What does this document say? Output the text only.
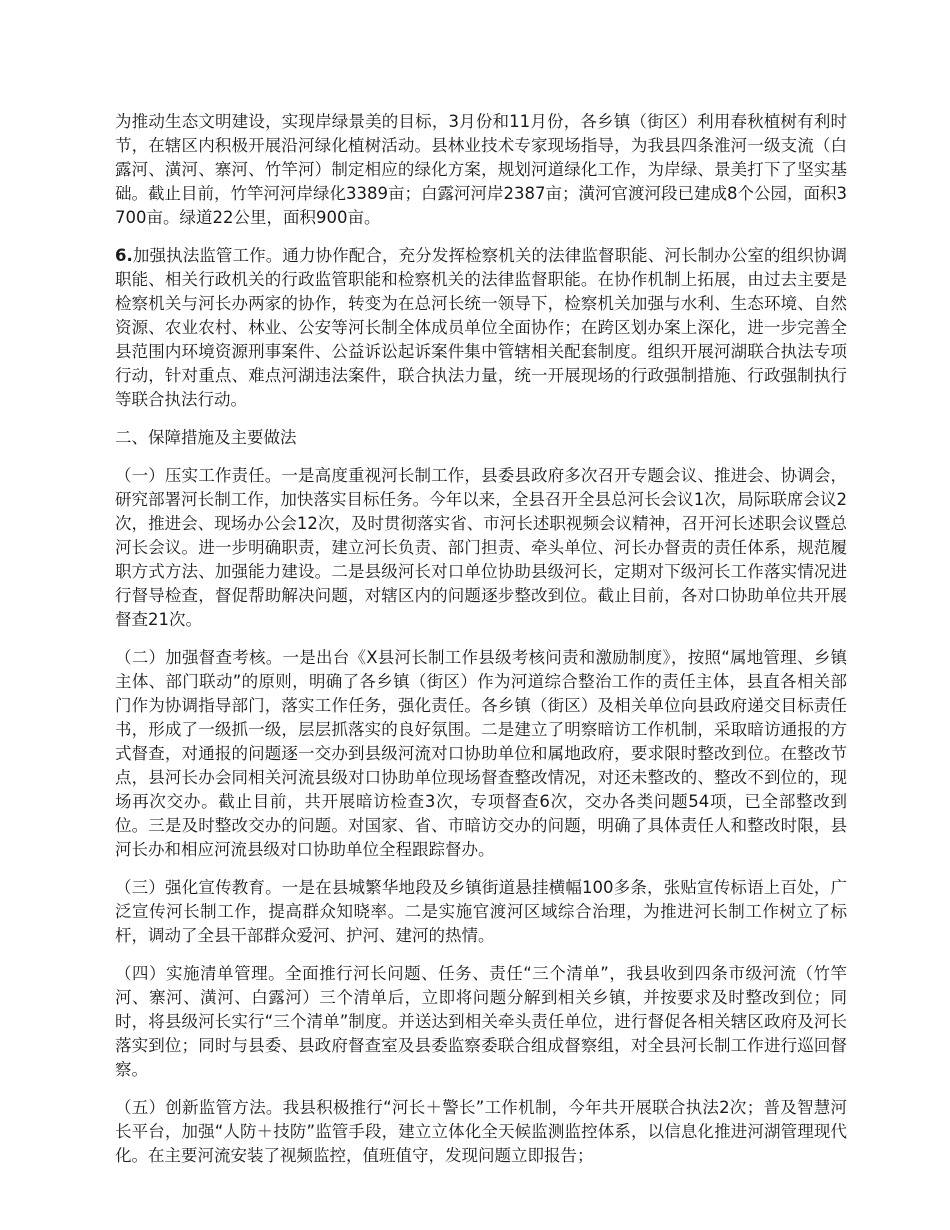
为推动生态文明建设，实现岸绿景美的目标，3月份和11月份，各乡镇（街区）利用春秋植树有利时节，在辖区内积极开展沿河绿化植树活动。县林业技术专家现场指导，为我县四条淮河一级支流（白露河、潢河、寨河、竹竿河）制定相应的绿化方案，规划河道绿化工作，为岸绿、景美打下了坚实基础。截止目前，竹竿河河岸绿化3389亩；白露河河岸2387亩；潢河官渡河段已建成8个公园，面积3700亩。绿道22公里，面积900亩。

6.加强执法监管工作。通力协作配合，充分发挥检察机关的法律监督职能、河长制办公室的组织协调职能、相关行政机关的行政监管职能和检察机关的法律监督职能。在协作机制上拓展，由过去主要是检察机关与河长办两家的协作，转变为在总河长统一领导下，检察机关加强与水利、生态环境、自然资源、农业农村、林业、公安等河长制全体成员单位全面协作；在跨区划办案上深化，进一步完善全县范围内环境资源刑事案件、公益诉讼起诉案件集中管辖相关配套制度。组织开展河湖联合执法专项行动，针对重点、难点河湖违法案件，联合执法力量，统一开展现场的行政强制措施、行政强制执行等联合执法行动。

二、保障措施及主要做法

（一）压实工作责任。一是高度重视河长制工作，县委县政府多次召开专题会议、推进会、协调会，研究部署河长制工作，加快落实目标任务。今年以来，全县召开全县总河长会议1次，局际联席会议2次，推进会、现场办公会12次，及时贯彻落实省、市河长述职视频会议精神，召开河长述职会议暨总河长会议。进一步明确职责，建立河长负责、部门担责、牵头单位、河长办督责的责任体系，规范履职方式方法、加强能力建设。二是县级河长对口单位协助县级河长，定期对下级河长工作落实情况进行督导检查，督促帮助解决问题，对辖区内的问题逐步整改到位。截止目前，各对口协助单位共开展督查21次。

（二）加强督查考核。一是出台《X县河长制工作县级考核问责和激励制度》，按照“属地管理、乡镇主体、部门联动”的原则，明确了各乡镇（街区）作为河道综合整治工作的责任主体，县直各相关部门作为协调指导部门，落实工作任务，强化责任。各乡镇（街区）及相关单位向县政府递交目标责任书，形成了一级抓一级，层层抓落实的良好氛围。二是建立了明察暗访工作机制，采取暗访通报的方式督查，对通报的问题逐一交办到县级河流对口协助单位和属地政府，要求限时整改到位。在整改节点，县河长办会同相关河流县级对口协助单位现场督查整改情况，对还未整改的、整改不到位的，现场再次交办。截止目前，共开展暗访检查3次，专项督查6次，交办各类问题54项，已全部整改到位。三是及时整改交办的问题。对国家、省、市暗访交办的问题，明确了具体责任人和整改时限，县河长办和相应河流县级对口协助单位全程跟踪督办。

（三）强化宣传教育。一是在县城繁华地段及乡镇街道悬挂横幅100多条，张贴宣传标语上百处，广泛宣传河长制工作，提高群众知晓率。二是实施官渡河区域综合治理，为推进河长制工作树立了标杆，调动了全县干部群众爱河、护河、建河的热情。

（四）实施清单管理。全面推行河长问题、任务、责任“三个清单”，我县收到四条市级河流（竹竿河、寨河、潢河、白露河）三个清单后，立即将问题分解到相关乡镇，并按要求及时整改到位；同时，将县级河长实行“三个清单”制度。并送达到相关牵头责任单位，进行督促各相关辖区政府及河长落实到位；同时与县委、县政府督查室及县委监察委联合组成督察组，对全县河长制工作进行巡回督察。

（五）创新监管方法。我县积极推行“河长＋警长”工作机制，今年共开展联合执法2次；普及智慧河长平台，加强“人防＋技防”监管手段，建立立体化全天候监测监控体系，以信息化推进河湖管理现代化。在主要河流安装了视频监控，值班值守，发现问题立即报告；
